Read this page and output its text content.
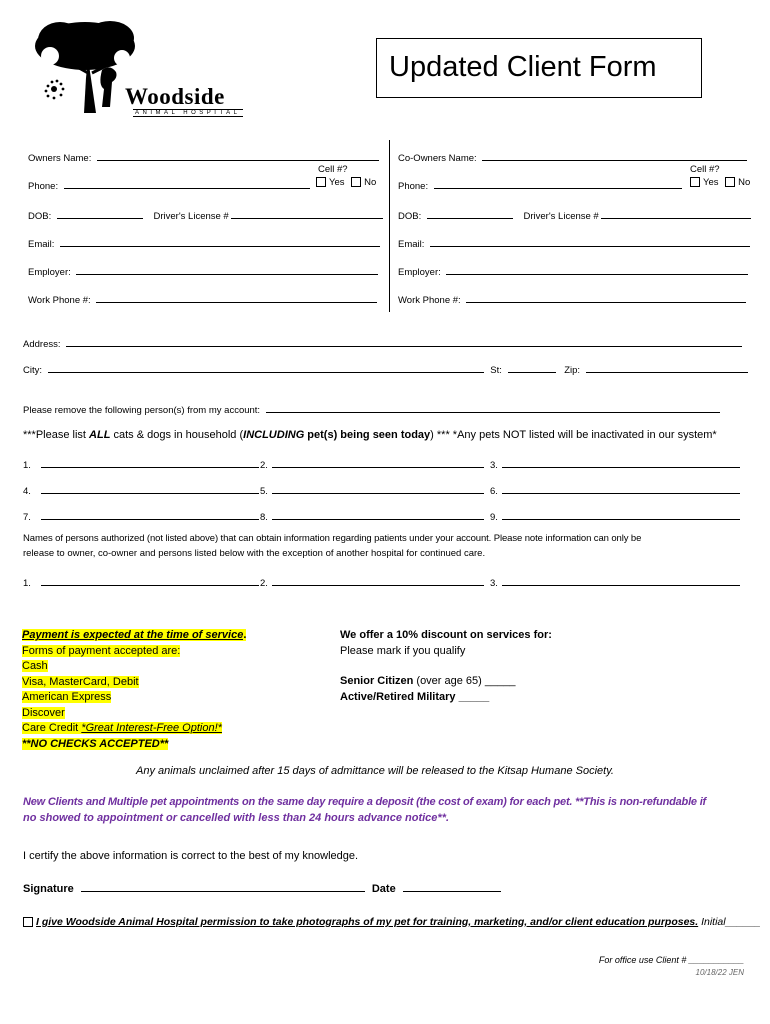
Woodside
ANIMAL HOSPITAL
Updated Client Form
Owners Name:
Cell #?
Phone:	Yes No
DOB:	Driver's License #
Email:
Employer:
Work Phone #:
Co-Owners Name:
Cell #?
Phone:	Yes No
DOB:	Driver's License #
Email:
Employer:
Work Phone #:
Address:
City:	St:	Zip:
Please remove the following person(s) from my account:
***Please list ALL cats & dogs in household (INCLUDING pet(s) being seen today) *** *Any pets NOT listed will be inactivated in our system*
1.	2.	3.
4.	5.	6.
7.	8.	9.
Names of persons authorized (not listed above) that can obtain information regarding patients under your account. Please note information can only be
release to owner, co-owner and persons listed below with the exception of another hospital for continued care.
1.	2.	3.
Payment is expected at the time of service.
Forms of payment accepted are:
Cash
Visa, MasterCard, Debit
American Express
Discover
Care Credit *Great Interest-Free Option!*
**NO CHECKS ACCEPTED**
We offer a 10% discount on services for:
Please mark if you qualify
Senior Citizen (over age 65) _____
Active/Retired Military _____
Any animals unclaimed after 15 days of admittance will be released to the Kitsap Humane Society.
New Clients and Multiple pet appointments on the same day require a deposit (the cost of exam) for each pet. **This is non-refundable if
no showed to appointment or cancelled with less than 24 hours advance notice**.
I certify the above information is correct to the best of my knowledge.
Signature	Date
I give Woodside Animal Hospital permission to take photographs of my pet for training, marketing, and/or client education purposes. Initial______
For office use Client # ___________
10/18/22 JEN
